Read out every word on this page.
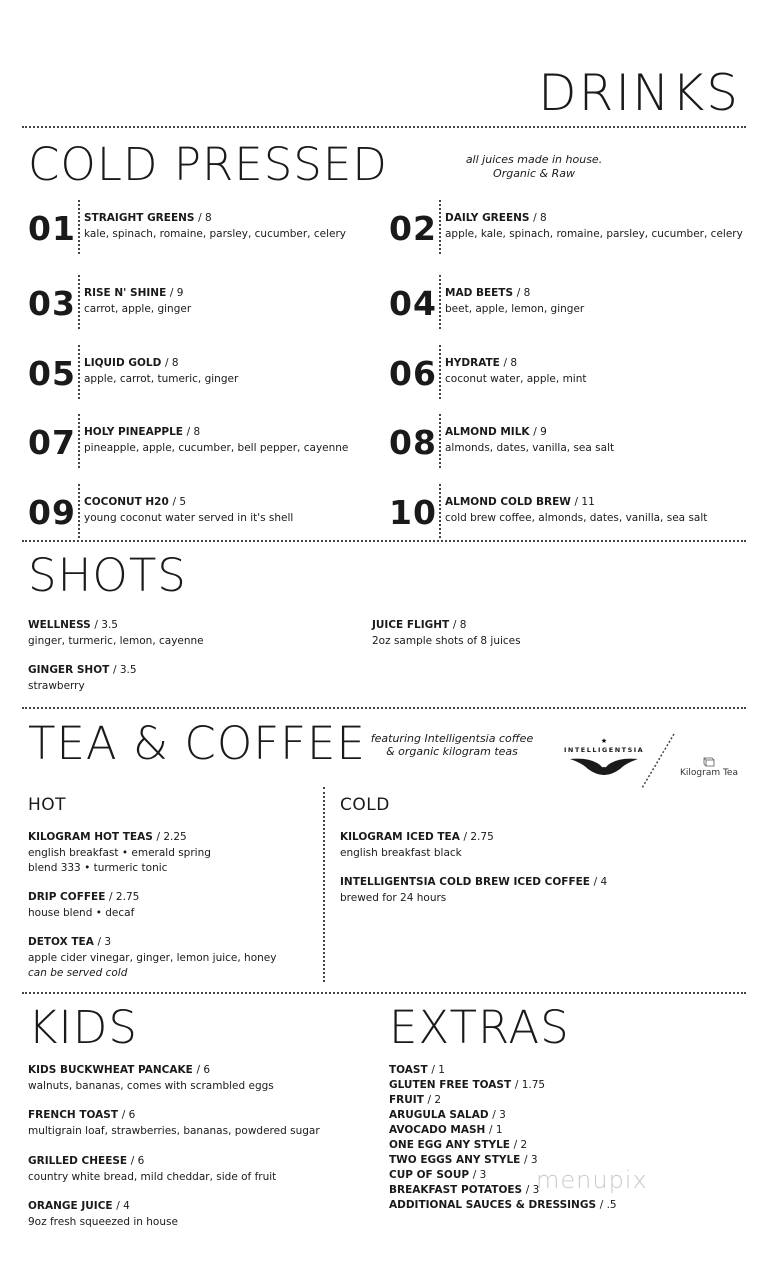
DRINKS
COLD PRESSED	all juices made in house.
Organic & Raw
01 STRAIGHT GREENS / 8
kale, spinach, romaine, parsley, cucumber, celery 02 DAILY GREENS / 8
apple, kale, spinach, romaine, parsley, cucumber, celery
03 RISE N' SHINE / 9
carrot, apple, ginger	04 MAD BEETS / 8
beet, apple, lemon, ginger
05 LIQUID GOLD / 8
apple, carrot, tumeric, ginger	06 HYDRATE / 8
coconut water, apple, mint
07 HOLY PINEAPPLE / 8
pineapple, apple, cucumber, bell pepper, cayenne 08 ALMOND MILK / 9
almonds, dates, vanilla, sea salt
09 COCONUT H20 / 5
young coconut water served in it's shell	10 ALMOND COLD BREW / 11
cold brew coffee, almonds, dates, vanilla, sea salt
SHOTS
WELLNESS / 3.5
ginger, turmeric, lemon, cayenne
JUICE FLIGHT / 8
2oz sample shots of 8 juices
GINGER SHOT / 3.5
strawberry
TEA & COFFEE featuring Intelligentsia coffee
& organic kilogram teas
★
INTELLIGENTSIA
Kilogram Tea
HOT
KILOGRAM HOT TEAS / 2.25
english breakfast • emerald spring
blend 333 • turmeric tonic
DRIP COFFEE / 2.75
house blend • decaf
DETOX TEA / 3
apple cider vinegar, ginger, lemon juice, honey
can be served cold
COLD
KILOGRAM ICED TEA / 2.75
english breakfast black
INTELLIGENTSIA COLD BREW ICED COFFEE / 4
brewed for 24 hours
KIDS
KIDS BUCKWHEAT PANCAKE / 6
walnuts, bananas, comes with scrambled eggs
FRENCH TOAST / 6
multigrain loaf, strawberries, bananas, powdered sugar
GRILLED CHEESE / 6
country white bread, mild cheddar, side of fruit
ORANGE JUICE / 4
9oz fresh squeezed in house
EXTRAS
TOAST / 1
GLUTEN FREE TOAST / 1.75
FRUIT / 2
ARUGULA SALAD / 3
AVOCADO MASH / 1
ONE EGG ANY STYLE / 2
TWO EGGS ANY STYLE / 3
CUP OF SOUP / 3
BREAKFAST POTATOES / 3
ADDITIONAL SAUCES & DRESSINGS / .5
menupix
